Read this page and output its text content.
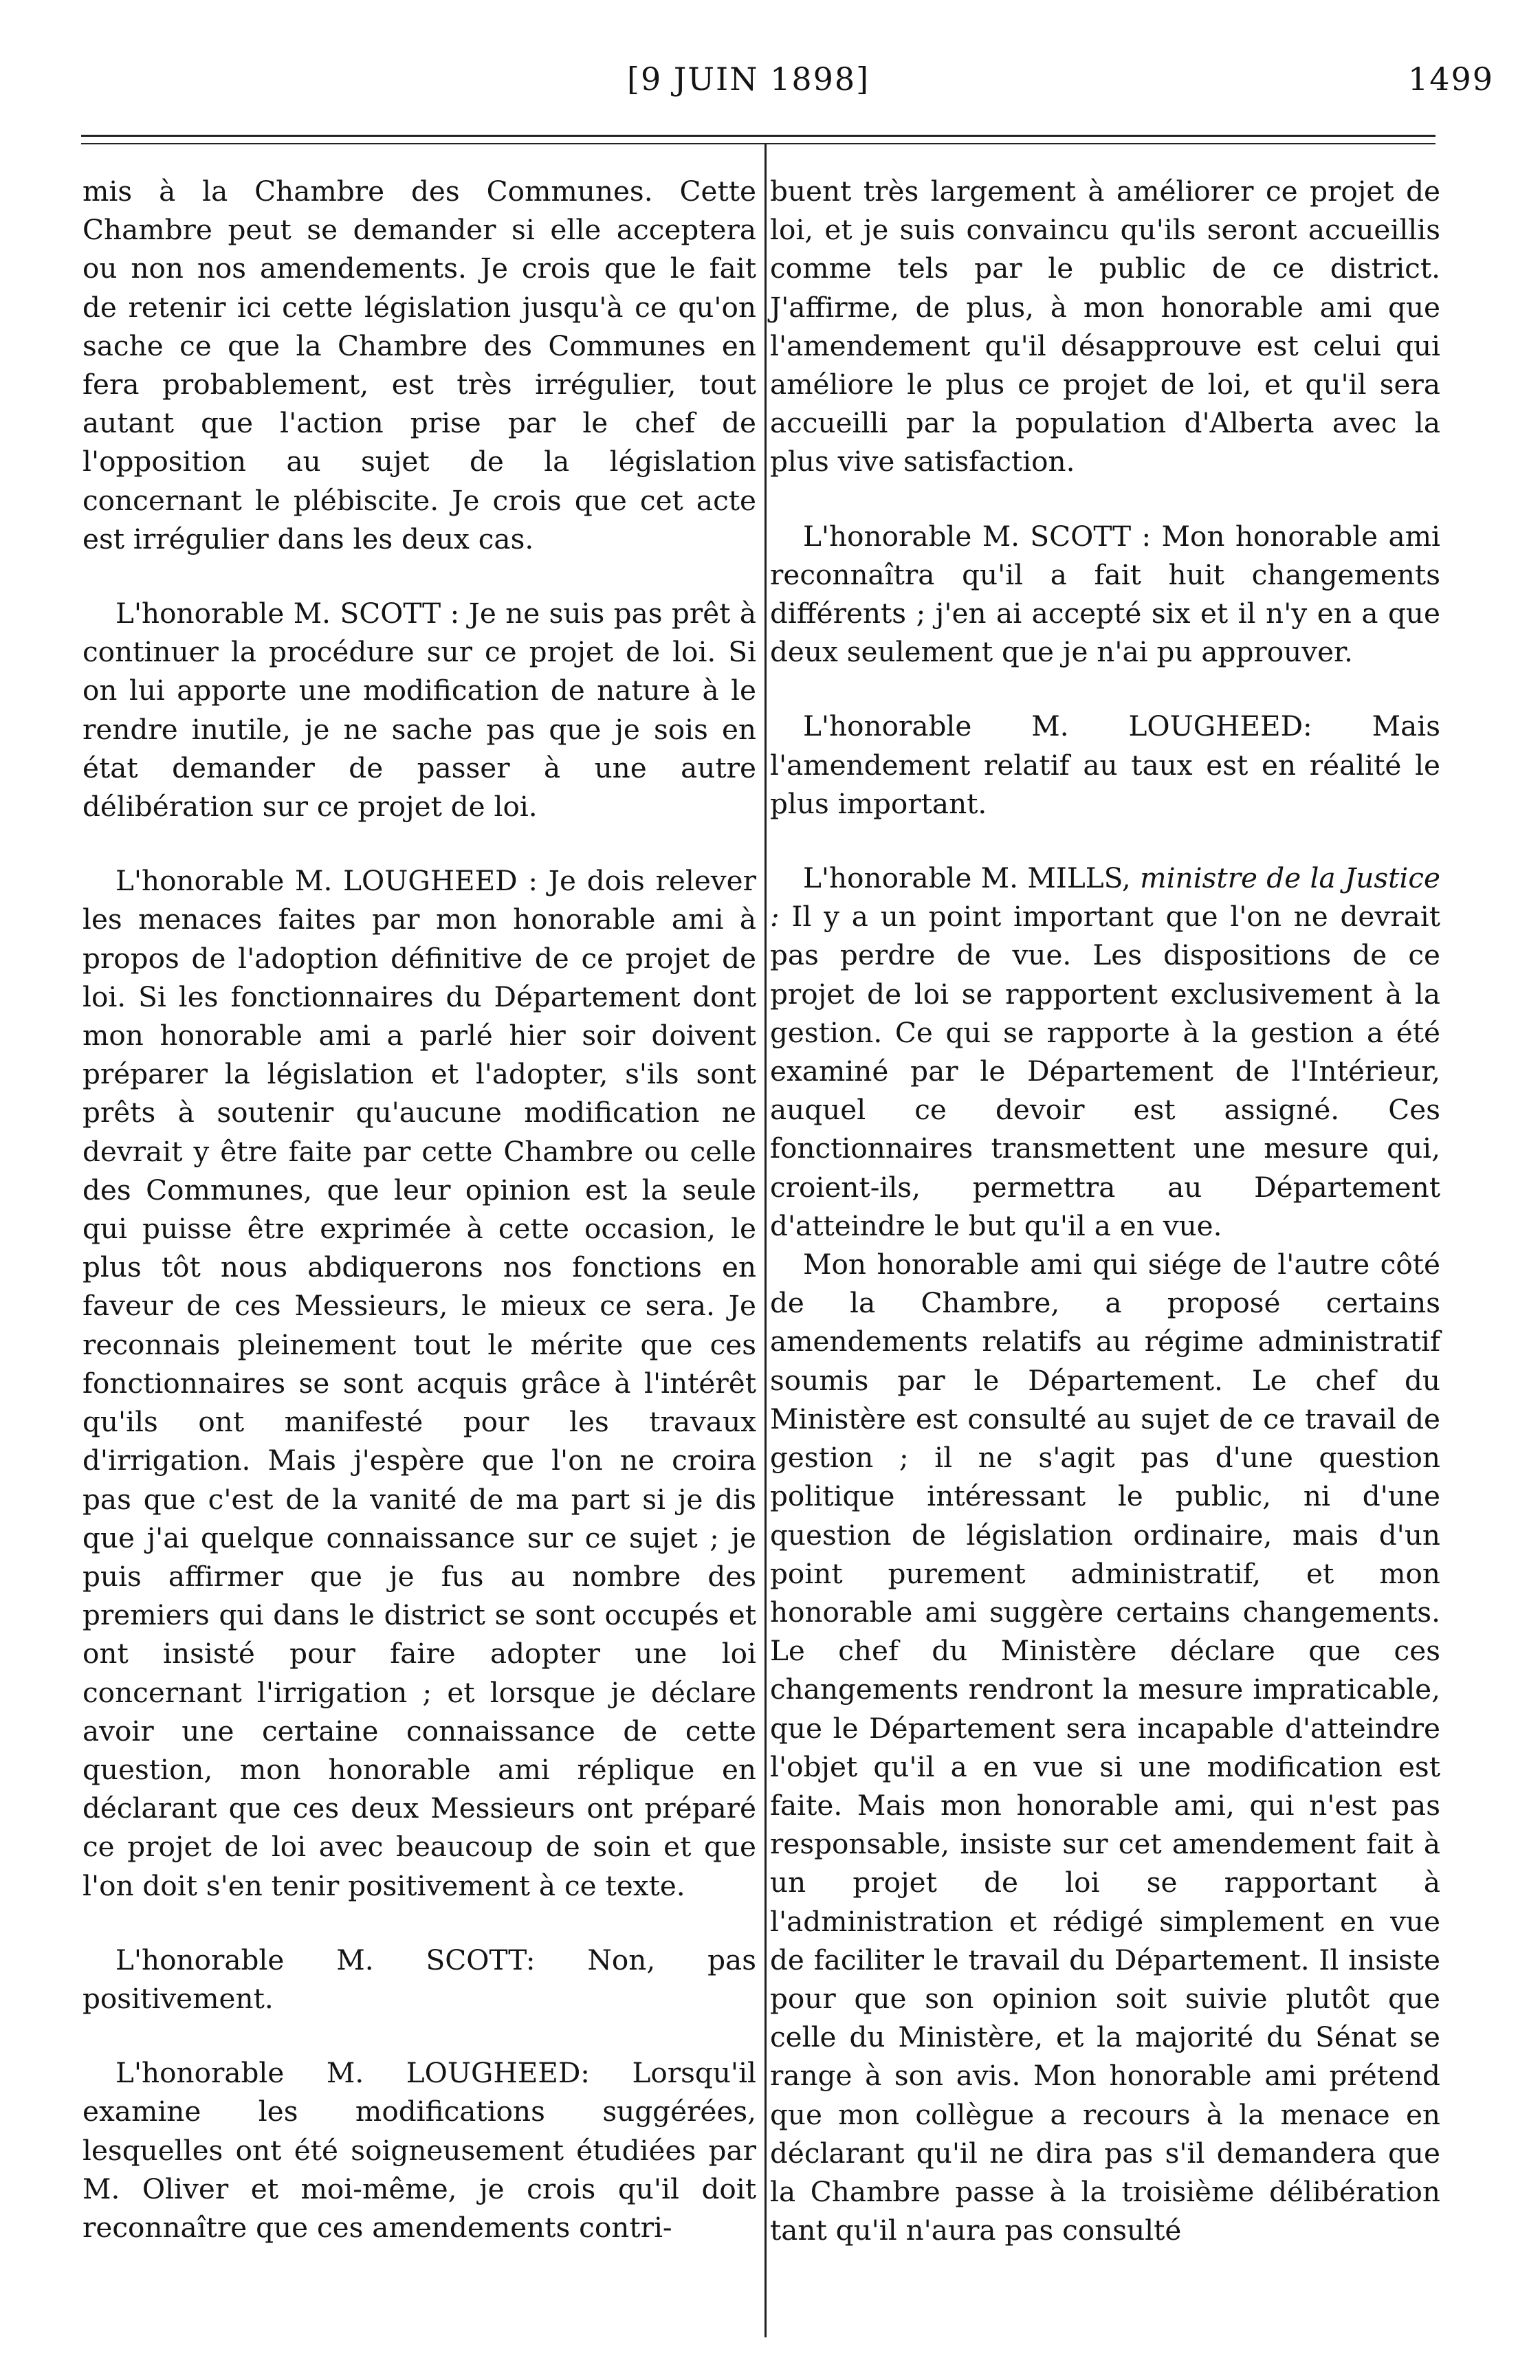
[9 JUIN 1898]	1499

mis à la Chambre des Communes. Cette Chambre peut se demander si elle acceptera ou non nos amendements. Je crois que le fait de retenir ici cette législation jusqu'à ce qu'on sache ce que la Chambre des Communes en fera probablement, est très irrégulier, tout autant que l'action prise par le chef de l'opposition au sujet de la législation concernant le plébiscite. Je crois que cet acte est irrégulier dans les deux cas.

L'honorable M. SCOTT : Je ne suis pas prêt à continuer la procédure sur ce projet de loi. Si on lui apporte une modification de nature à le rendre inutile, je ne sache pas que je sois en état demander de passer à une autre délibération sur ce projet de loi.

L'honorable M. LOUGHEED : Je dois relever les menaces faites par mon honorable ami à propos de l'adoption définitive de ce projet de loi. Si les fonctionnaires du Département dont mon honorable ami a parlé hier soir doivent préparer la législation et l'adopter, s'ils sont prêts à soutenir qu'aucune modification ne devrait y être faite par cette Chambre ou celle des Communes, que leur opinion est la seule qui puisse être exprimée à cette occasion, le plus tôt nous abdiquerons nos fonctions en faveur de ces Messieurs, le mieux ce sera. Je reconnais pleinement tout le mérite que ces fonctionnaires se sont acquis grâce à l'intérêt qu'ils ont manifesté pour les travaux d'irrigation. Mais j'espère que l'on ne croira pas que c'est de la vanité de ma part si je dis que j'ai quelque connaissance sur ce sujet ; je puis affirmer que je fus au nombre des premiers qui dans le district se sont occupés et ont insisté pour faire adopter une loi concernant l'irrigation ; et lorsque je déclare avoir une certaine connaissance de cette question, mon honorable ami réplique en déclarant que ces deux Messieurs ont préparé ce projet de loi avec beaucoup de soin et que l'on doit s'en tenir positivement à ce texte.

L'honorable M. SCOTT: Non, pas positivement.

L'honorable M. LOUGHEED: Lorsqu'il examine les modifications suggérées, lesquelles ont été soigneusement étudiées par M. Oliver et moi-même, je crois qu'il doit reconnaître que ces amendements contri-

buent très largement à améliorer ce projet de loi, et je suis convaincu qu'ils seront accueillis comme tels par le public de ce district. J'affirme, de plus, à mon honorable ami que l'amendement qu'il désapprouve est celui qui améliore le plus ce projet de loi, et qu'il sera accueilli par la population d'Alberta avec la plus vive satisfaction.

L'honorable M. SCOTT : Mon honorable ami reconnaîtra qu'il a fait huit changements différents ; j'en ai accepté six et il n'y en a que deux seulement que je n'ai pu approuver.

L'honorable M. LOUGHEED: Mais l'amendement relatif au taux est en réalité le plus important.

L'honorable M. MILLS, ministre de la Justice : Il y a un point important que l'on ne devrait pas perdre de vue. Les dispositions de ce projet de loi se rapportent exclusivement à la gestion. Ce qui se rapporte à la gestion a été examiné par le Département de l'Intérieur, auquel ce devoir est assigné. Ces fonctionnaires transmettent une mesure qui, croient-ils, permettra au Département d'atteindre le but qu'il a en vue.

Mon honorable ami qui siége de l'autre côté de la Chambre, a proposé certains amendements relatifs au régime administratif soumis par le Département. Le chef du Ministère est consulté au sujet de ce travail de gestion ; il ne s'agit pas d'une question politique intéressant le public, ni d'une question de législation ordinaire, mais d'un point purement administratif, et mon honorable ami suggère certains changements. Le chef du Ministère déclare que ces changements rendront la mesure impraticable, que le Département sera incapable d'atteindre l'objet qu'il a en vue si une modification est faite. Mais mon honorable ami, qui n'est pas responsable, insiste sur cet amendement fait à un projet de loi se rapportant à l'administration et rédigé simplement en vue de faciliter le travail du Département. Il insiste pour que son opinion soit suivie plutôt que celle du Ministère, et la majorité du Sénat se range à son avis. Mon honorable ami prétend que mon collègue a recours à la menace en déclarant qu'il ne dira pas s'il demandera que la Chambre passe à la troisième délibération tant qu'il n'aura pas consulté
